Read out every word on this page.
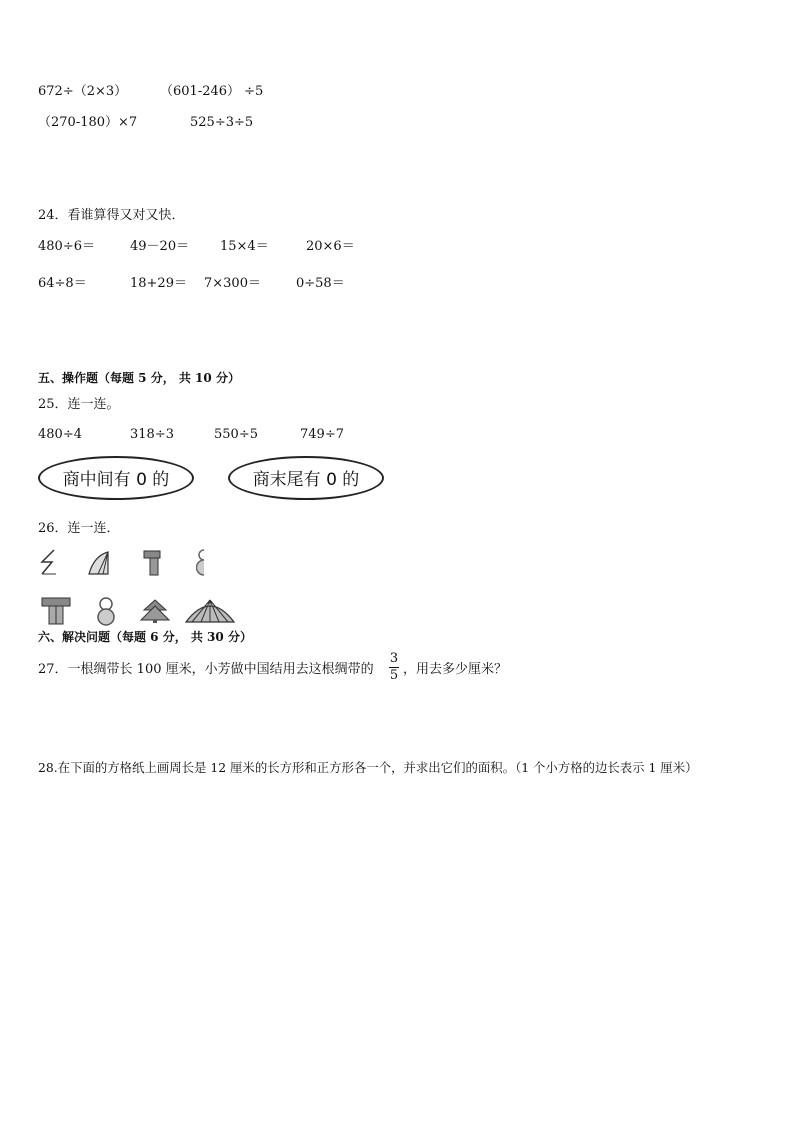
672÷（2×3）	（601-246） ÷5
（270-180）×7	525÷3÷5
24．看谁算得又对又快．
480÷6＝	49－20＝ 15×4＝	20×6＝
64÷8＝	18+29＝ 7×300＝	0÷58＝
五、操作题（每题 5 分， 共 10 分）
25．连一连。
480÷4	318÷3	550÷5	749÷7
商中间有 0 的	商末尾有 0 的
26．连一连．
六、解决问题（每题 6 分， 共 30 分）
27．一根绸带长 100 厘米，小芳做中国结用去这根绸带的
3
5 ，用去多少厘米？
28.在下面的方格纸上画周长是 12 厘米的长方形和正方形各一个，并求出它们的面积。（1 个小方格的边长表示 1 厘米）
